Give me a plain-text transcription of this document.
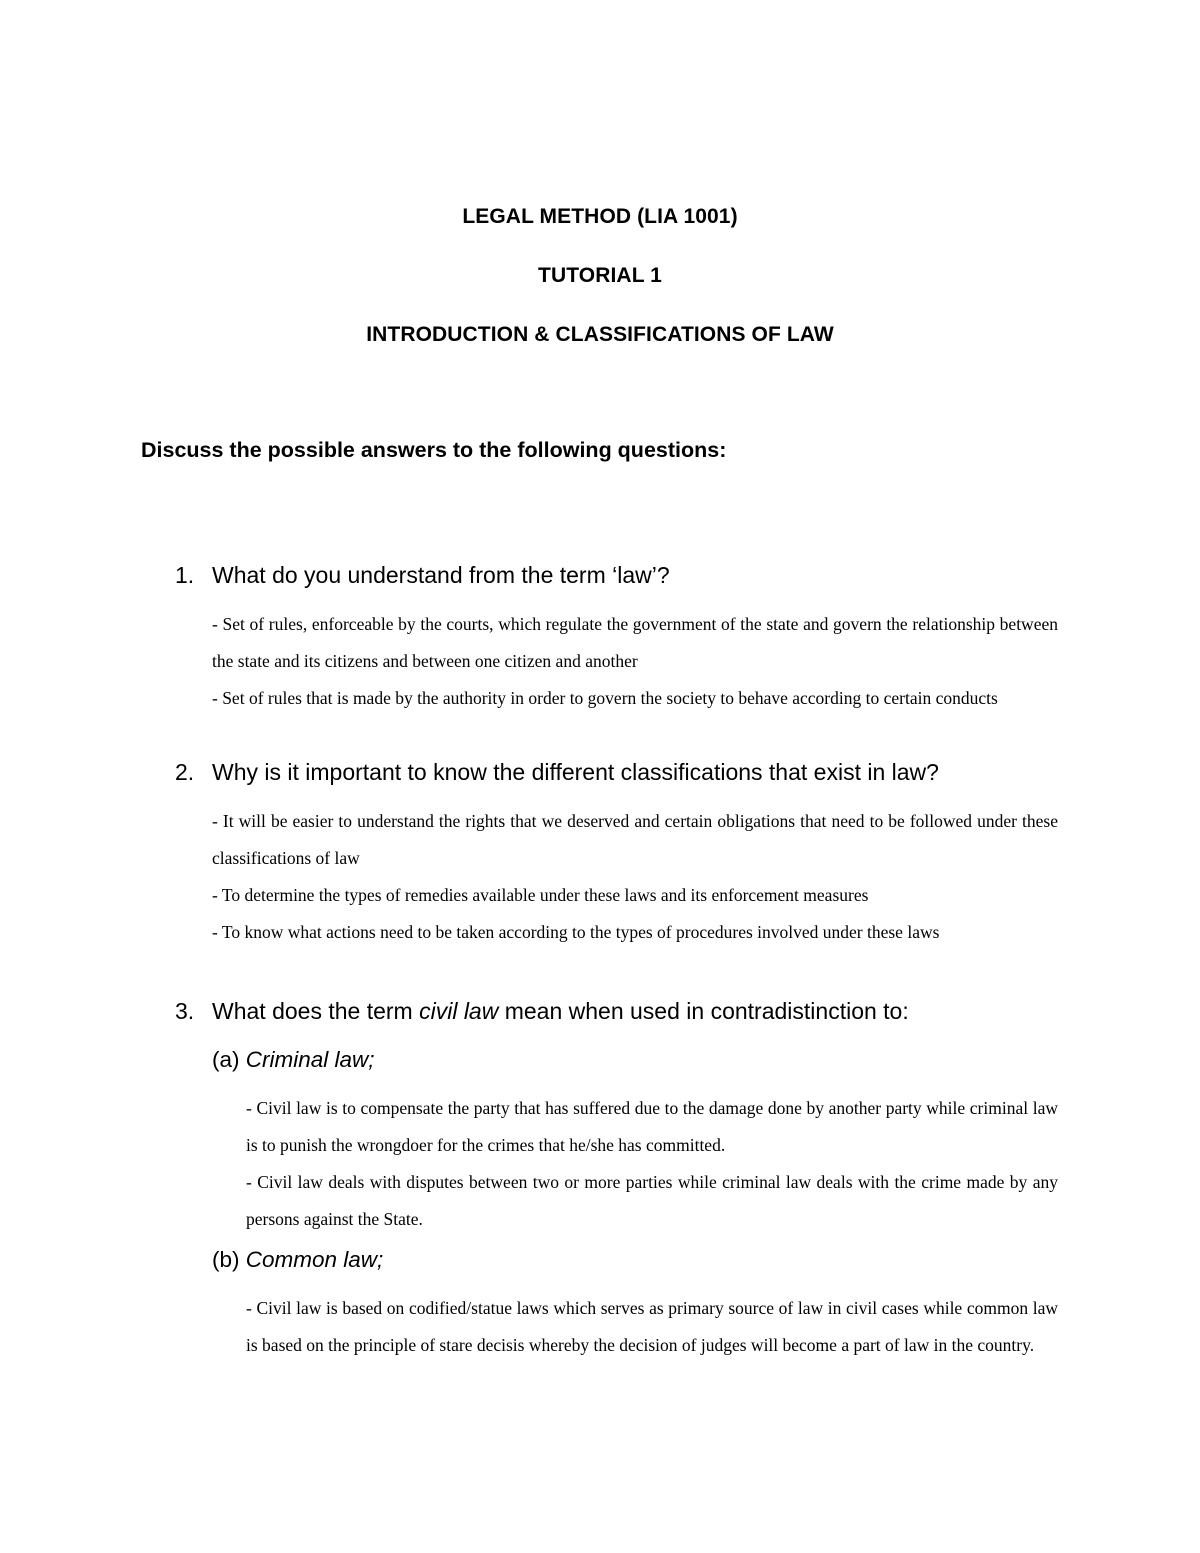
LEGAL METHOD (LIA 1001)
TUTORIAL 1
INTRODUCTION & CLASSIFICATIONS OF LAW
Discuss the possible answers to the following questions:
1. What do you understand from the term ‘law’?

- Set of rules, enforceable by the courts, which regulate the government of the state and govern the relationship between the state and its citizens and between one citizen and another

- Set of rules that is made by the authority in order to govern the society to behave according to certain conducts

2. Why is it important to know the different classifications that exist in law?

- It will be easier to understand the rights that we deserved and certain obligations that need to be followed under these classifications of law

- To determine the types of remedies available under these laws and its enforcement measures

- To know what actions need to be taken according to the types of procedures involved under these laws

3. What does the term civil law mean when used in contradistinction to:
(a) Criminal law;

- Civil law is to compensate the party that has suffered due to the damage done by another party while criminal law is to punish the wrongdoer for the crimes that he/she has committed.

- Civil law deals with disputes between two or more parties while criminal law deals with the crime made by any persons against the State.

(b) Common law;

- Civil law is based on codified/statue laws which serves as primary source of law in civil cases while common law is based on the principle of stare decisis whereby the decision of judges will become a part of law in the country.
